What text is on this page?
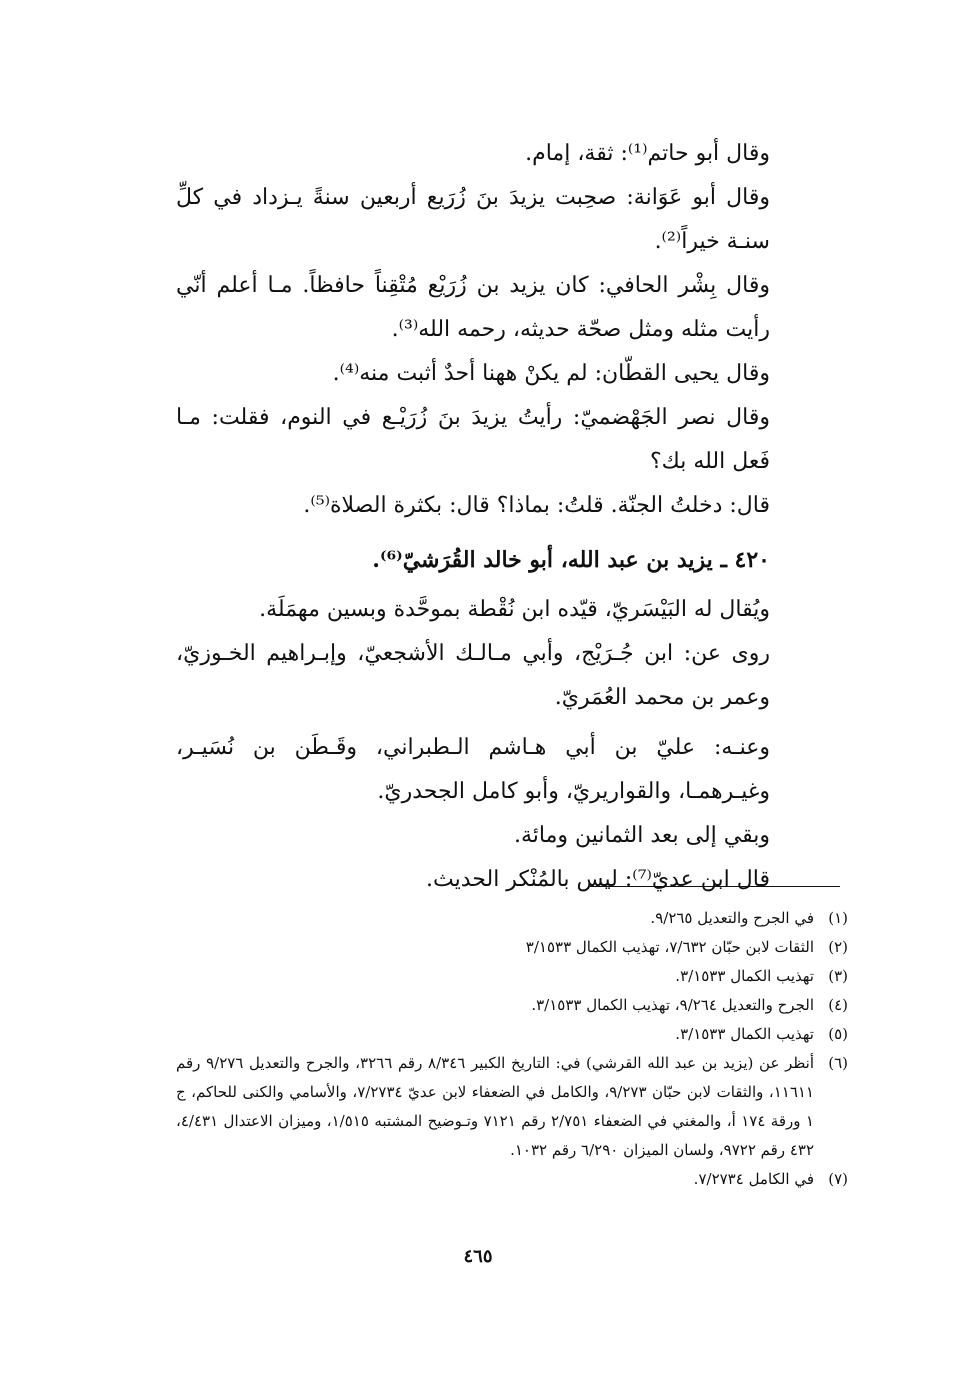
وقال أبو حاتم⁽¹⁾: ثقة، إمام.

وقال أبو عَوَانة: صحِبت يزيدَ بنَ زُرَيع أربعين سنةً يـزداد في كلِّ سنـة خيراً⁽²⁾.

وقال بِشْر الحافي: كان يزيد بن زُرَيْع مُتْقِناً حافظاً. مـا أعلم أنّي رأيت مثله ومثل صحّة حديثه، رحمه الله⁽³⁾.

وقال يحيى القطّان: لم يكنْ ههنا أحدٌ أثبت منه⁽⁴⁾.

وقال نصر الجَهْضميّ: رأيتُ يزيدَ بنَ زُرَيْـع في النوم، فقلت: مـا فَعل الله بك؟

قال: دخلتُ الجنّة. قلتُ: بماذا؟ قال: بكثرة الصلاة⁽⁵⁾.

٤٢٠ ـ يزيد بن عبد الله، أبو خالد القُرَشيّ⁽⁶⁾.

ويُقال له البَيْسَريّ، قيّده ابن نُقْطة بموحَّدة وبسين مهمَلَة.

روى عن: ابن جُـرَيْج، وأبي مـالـك الأشجعيّ، وإبـراهيم الخـوزيّ، وعمر بن محمد العُمَريّ.

وعنـه: عليّ بن أبي هـاشم الـطبراني، وقَـطَن بن نُسَيـر، وغيـرهمـا، والقواريريّ، وأبو كامل الجحدريّ.

وبقي إلى بعد الثمانين ومائة.

قال ابن عديّ⁽⁷⁾: ليس بالمُنْكر الحديث.

(١)
في الجرح والتعديل ٩/٢٦٥.
(٢)
الثقات لابن حبّان ٧/٦٣٢، تهذيب الكمال ٣/١٥٣٣
(٣)
تهذيب الكمال ٣/١٥٣٣.
(٤)
الجرح والتعديل ٩/٢٦٤، تهذيب الكمال ٣/١٥٣٣.
(٥)
تهذيب الكمال ٣/١٥٣٣.
(٦)
أنظر عن (يزيد بن عبد الله القرشي) في: التاريخ الكبير ٨/٣٤٦ رقم ٣٢٦٦، والجرح والتعديل ٩/٢٧٦ رقم ١١٦١١، والثقات لابن حبّان ٩/٢٧٣، والكامل في الضعفاء لابن عديّ ٧/٢٧٣٤، والأسامي والكنى للحاكم، ج ١ ورقة ١٧٤ أ، والمغني في الضعفاء ٢/٧٥١ رقم ٧١٢١ وتـوضيح المشتبه ١/٥١٥، وميزان الاعتدال ٤/٤٣١، ٤٣٢ رقم ٩٧٢٢، ولسان الميزان ٦/٢٩٠ رقم ١٠٣٢.
(٧)
في الكامل ٧/٢٧٣٤.
٤٦٥
